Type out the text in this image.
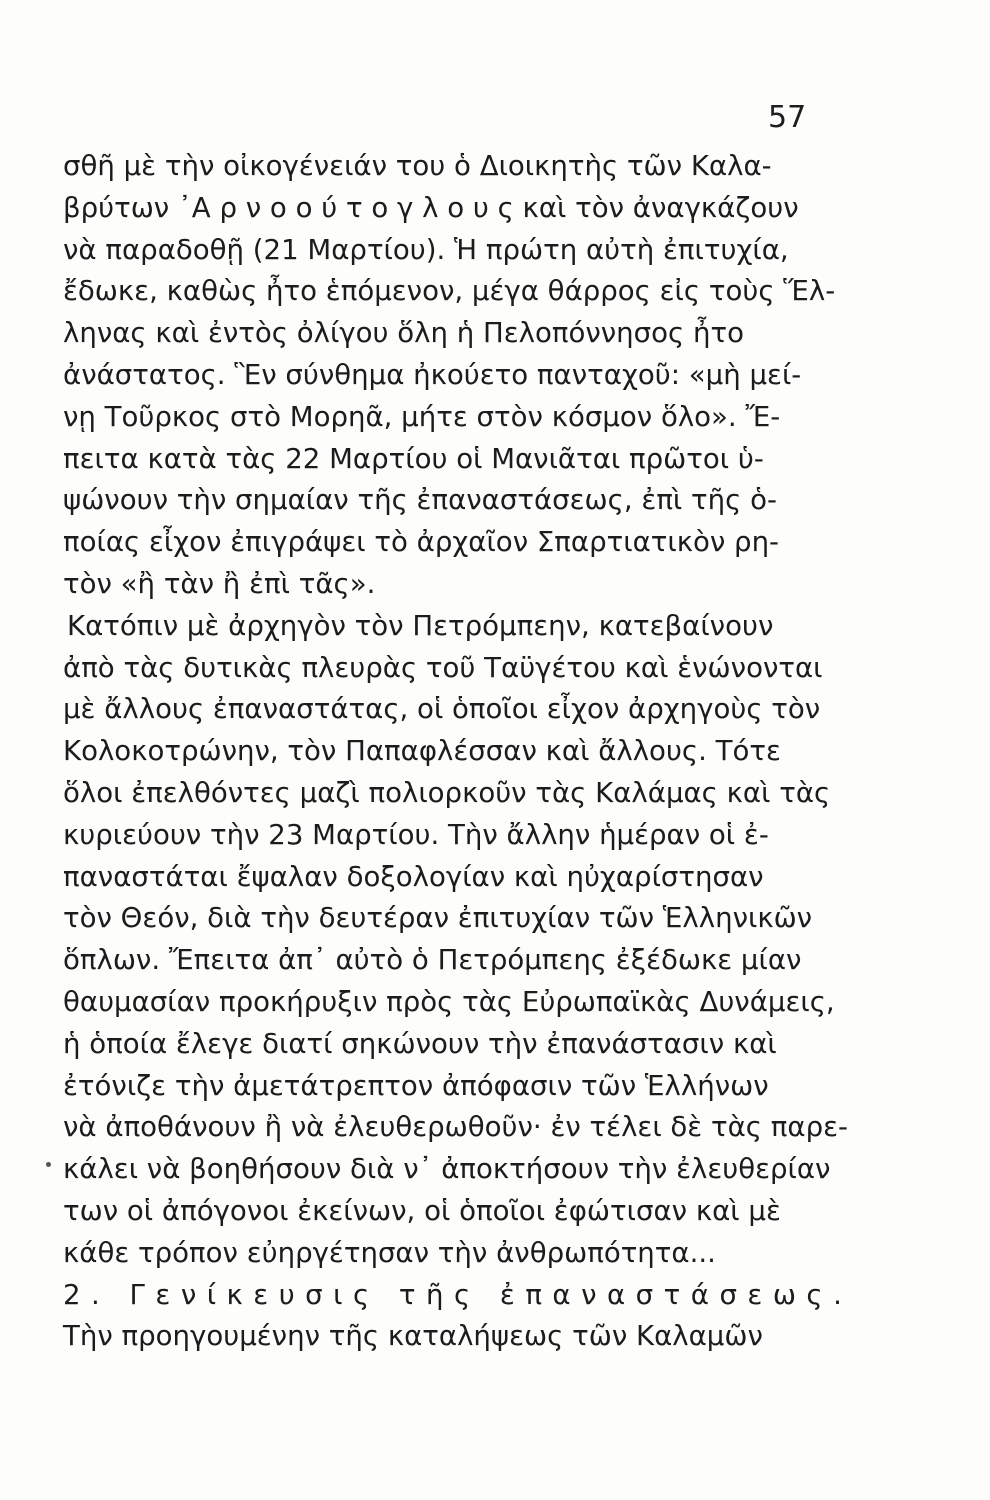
57
σθῆ μὲ τὴν οἰκογένειάν του ὁ Διοικητὴς τῶν Καλα-
βρύτων ᾿Α ρ ν ο ο ύ τ ο γ λ ο υ ς καὶ τὸν ἀναγκάζουν
νὰ παραδοθῇ (21 Μαρτίου). Ἡ πρώτη αὐτὴ ἐπιτυχία,
ἔδωκε, καθὼς ἦτο ἑπόμενον, μέγα θάρρος εἰς τοὺς Ἕλ-
ληνας καὶ ἐντὸς ὀλίγου ὅλη ἡ Πελοπόννησος ἦτο
ἀνάστατος. Ἓν σύνθημα ἠκούετο πανταχοῦ: «μὴ μεί-
νῃ Τοῦρκος στὸ Μορηᾶ, μήτε στὸν κόσμον ὅλο». Ἔ-
πειτα κατὰ τὰς 22 Μαρτίου οἱ Μανιᾶται πρῶτοι ὑ-
ψώνουν τὴν σημαίαν τῆς ἐπαναστάσεως, ἐπὶ τῆς ὁ-
ποίας εἶχον ἐπιγράψει τὸ ἀρχαῖον Σπαρτιατικὸν ρη-
τὸν «ἢ τὰν ἢ ἐπὶ τᾶς».
Κατόπιν μὲ ἀρχηγὸν τὸν Πετρόμπεην, κατεβαίνουν
ἀπὸ τὰς δυτικὰς πλευρὰς τοῦ Ταϋγέτου καὶ ἑνώνονται
μὲ ἄλλους ἐπαναστάτας, οἱ ὁποῖοι εἶχον ἀρχηγοὺς τὸν
Κολοκοτρώνην, τὸν Παπαφλέσσαν καὶ ἄλλους. Τότε
ὅλοι ἐπελθόντες μαζὶ πολιορκοῦν τὰς Καλάμας καὶ τὰς
κυριεύουν τὴν 23 Μαρτίου. Τὴν ἄλλην ἡμέραν οἱ ἐ-
παναστάται ἔψαλαν δοξολογίαν καὶ ηὐχαρίστησαν
τὸν Θεόν, διὰ τὴν δευτέραν ἐπιτυχίαν τῶν Ἑλληνικῶν
ὅπλων. Ἔπειτα ἀπ᾿ αὐτὸ ὁ Πετρόμπεης ἐξέδωκε μίαν
θαυμασίαν προκήρυξιν πρὸς τὰς Εὐρωπαϊκὰς Δυνάμεις,
ἡ ὁποία ἔλεγε διατί σηκώνουν τὴν ἐπανάστασιν καὶ
ἐτόνιζε τὴν ἀμετάτρεπτον ἀπόφασιν τῶν Ἑλλήνων
νὰ ἀποθάνουν ἢ νὰ ἐλευθερωθοῦν· ἐν τέλει δὲ τὰς παρε-
κάλει νὰ βοηθήσουν διὰ ν᾿ ἀποκτήσουν τὴν ἐλευθερίαν
των οἱ ἀπόγονοι ἐκείνων, οἱ ὁποῖοι ἐφώτισαν καὶ μὲ
κάθε τρόπον εὐηργέτησαν τὴν ἀνθρωπότητα...
2. Γενίκευσις τῆς ἐπαναστάσεως.
Τὴν προηγουμένην τῆς καταλήψεως τῶν Καλαμῶν
